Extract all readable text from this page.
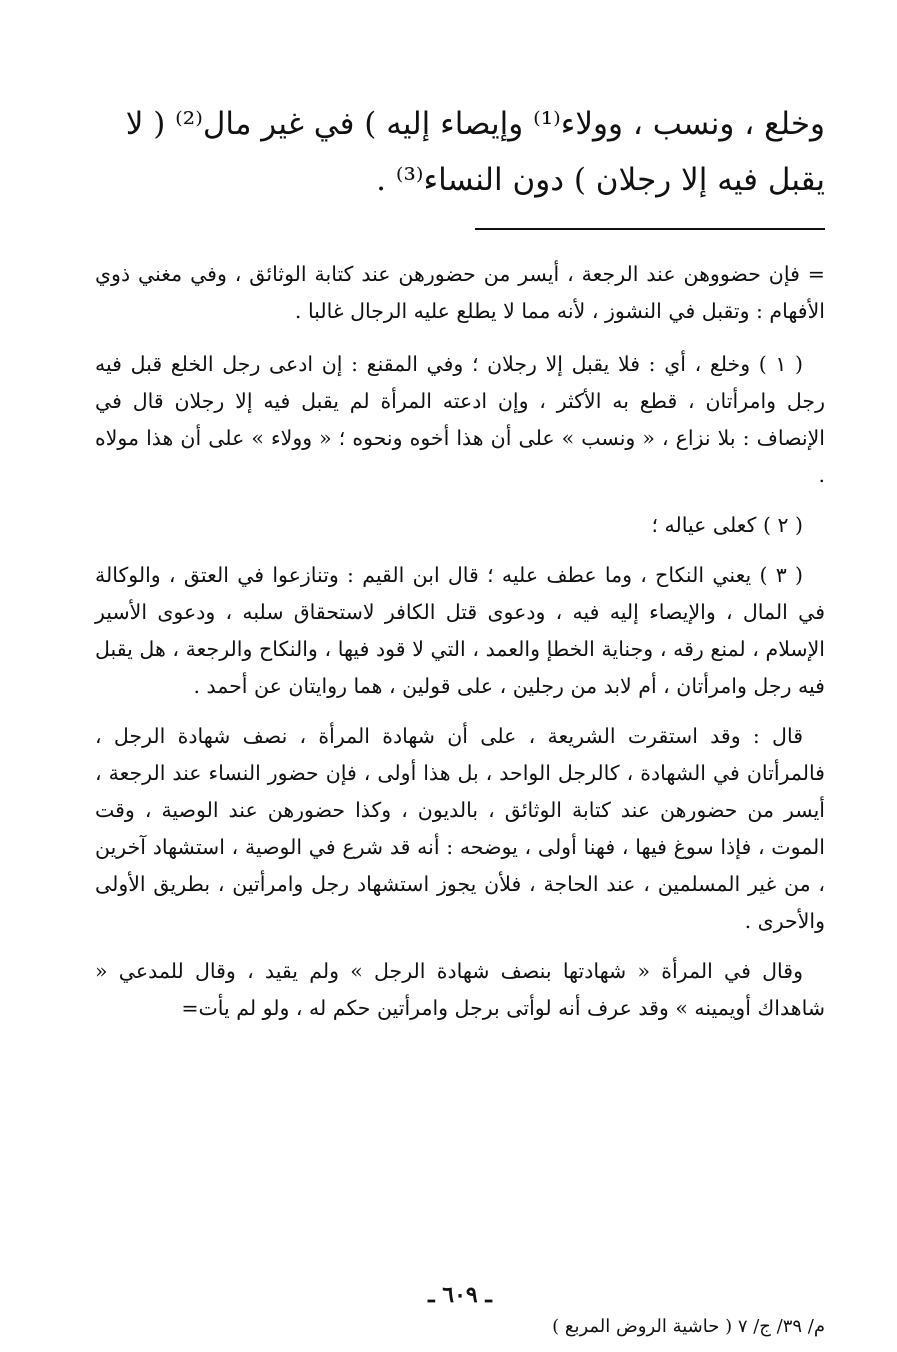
وخلع ، ونسب ، وولاء⁽¹⁾ وإيصاء إليه ) في غير مال⁽²⁾ ( لا

يقبل فيه إلا رجلان ) دون النساء⁽³⁾ .

= فإن حضووهن عند الرجعة ، أيسر من حضورهن عند كتابة الوثائق ، وفي مغني ذوي الأفهام : وتقبل في النشوز ، لأنه مما لا يطلع عليه الرجال غالبا .

( ١ ) وخلع ، أي : فلا يقبل إلا رجلان ؛ وفي المقنع : إن ادعى رجل الخلع قبل فيه رجل وامرأتان ، قطع به الأكثر ، وإن ادعته المرأة لم يقبل فيه إلا رجلان قال في الإنصاف : بلا نزاع ، « ونسب » على أن هذا أخوه ونحوه ؛ « وولاء » على أن هذا مولاه .

( ٢ ) كعلى عياله ؛

( ٣ ) يعني النكاح ، وما عطف عليه ؛ قال ابن القيم : وتنازعوا في العتق ، والوكالة في المال ، والإيصاء إليه فيه ، ودعوى قتل الكافر لاستحقاق سلبه ، ودعوى الأسير الإسلام ، لمنع رقه ، وجناية الخطإ والعمد ، التي لا قود فيها ، والنكاح والرجعة ، هل يقبل فيه رجل وامرأتان ، أم لابد من رجلين ، على قولين ، هما روايتان عن أحمد .

قال : وقد استقرت الشريعة ، على أن شهادة المرأة ، نصف شهادة الرجل ، فالمرأتان في الشهادة ، كالرجل الواحد ، بل هذا أولى ، فإن حضور النساء عند الرجعة ، أيسر من حضورهن عند كتابة الوثائق ، بالديون ، وكذا حضورهن عند الوصية ، وقت الموت ، فإذا سوغ فيها ، فهنا أولى ، يوضحه : أنه قد شرع في الوصية ، استشهاد آخرين ، من غير المسلمين ، عند الحاجة ، فلأن يجوز استشهاد رجل وامرأتين ، بطريق الأولى والأحرى .

وقال في المرأة « شهادتها بنصف شهادة الرجل » ولم يقيد ، وقال للمدعي « شاهداك أويمينه » وقد عرف أنه لوأتى برجل وامرأتين حكم له ، ولو لم يأت=

ـ ٦٠٩ ـ
م/ ٣٩/ ج/ ٧ ( حاشية الروض المربع )
